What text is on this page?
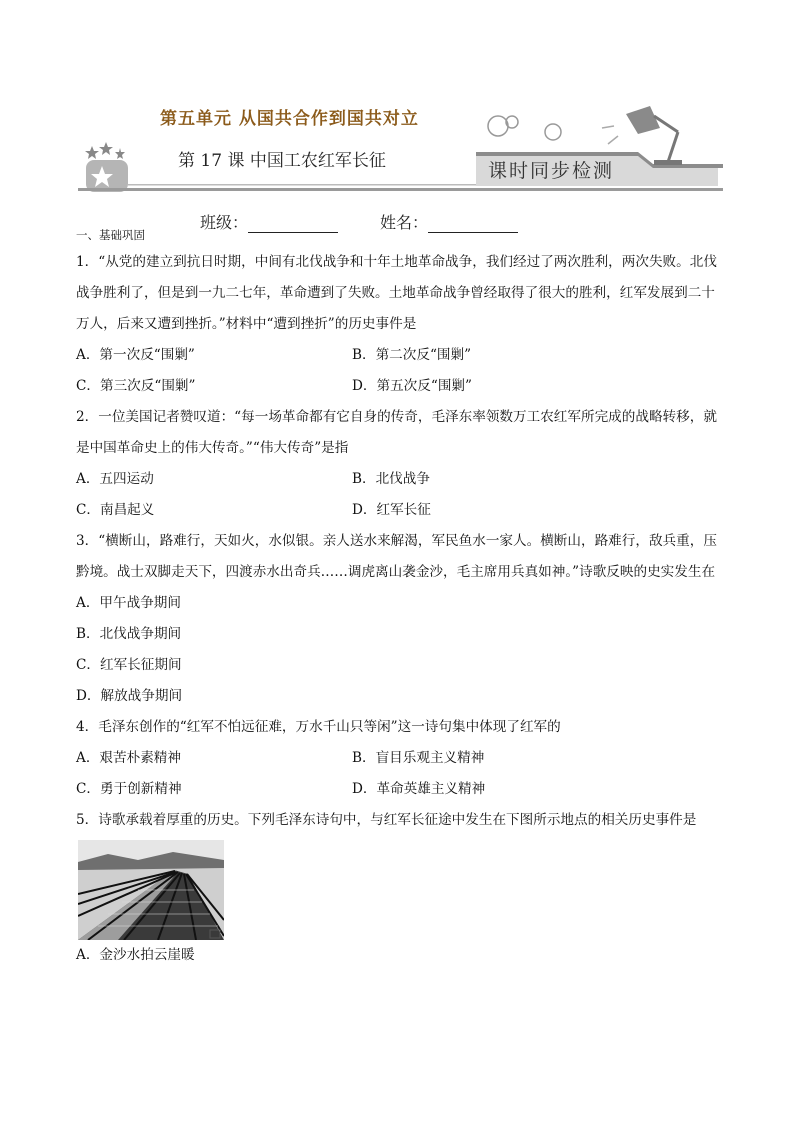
第五单元 从国共合作到国共对立
第 17 课 中国工农红军长征	课时同步检测
班级：	姓名：
一、基础巩固

1．“从党的建立到抗日时期，中间有北伐战争和十年土地革命战争，我们经过了两次胜利，两次失败。北伐战争胜利了，但是到一九二七年，革命遭到了失败。土地革命战争曾经取得了很大的胜利，红军发展到二十万人，后来又遭到挫折。”材料中“遭到挫折”的历史事件是

A．第一次反“围剿”	B．第二次反“围剿”
C．第三次反“围剿”	D．第五次反“围剿”

2．一位美国记者赞叹道：“每一场革命都有它自身的传奇，毛泽东率领数万工农红军所完成的战略转移，就是中国革命史上的伟大传奇。”“伟大传奇”是指

A．五四运动	B．北伐战争
C．南昌起义	D．红军长征

3．“横断山，路难行，天如火，水似银。亲人送水来解渴，军民鱼水一家人。横断山，路难行，敌兵重，压黔境。战士双脚走天下，四渡赤水出奇兵……调虎离山袭金沙，毛主席用兵真如神。”诗歌反映的史实发生在

A．甲午战争期间
B．北伐战争期间
C．红军长征期间
D．解放战争期间

4．毛泽东创作的“红军不怕远征难，万水千山只等闲”这一诗句集中体现了红军的

A．艰苦朴素精神	B．盲目乐观主义精神
C．勇于创新精神	D．革命英雄主义精神

5．诗歌承载着厚重的历史。下列毛泽东诗句中，与红军长征途中发生在下图所示地点的相关历史事件是

A．金沙水拍云崖暖
